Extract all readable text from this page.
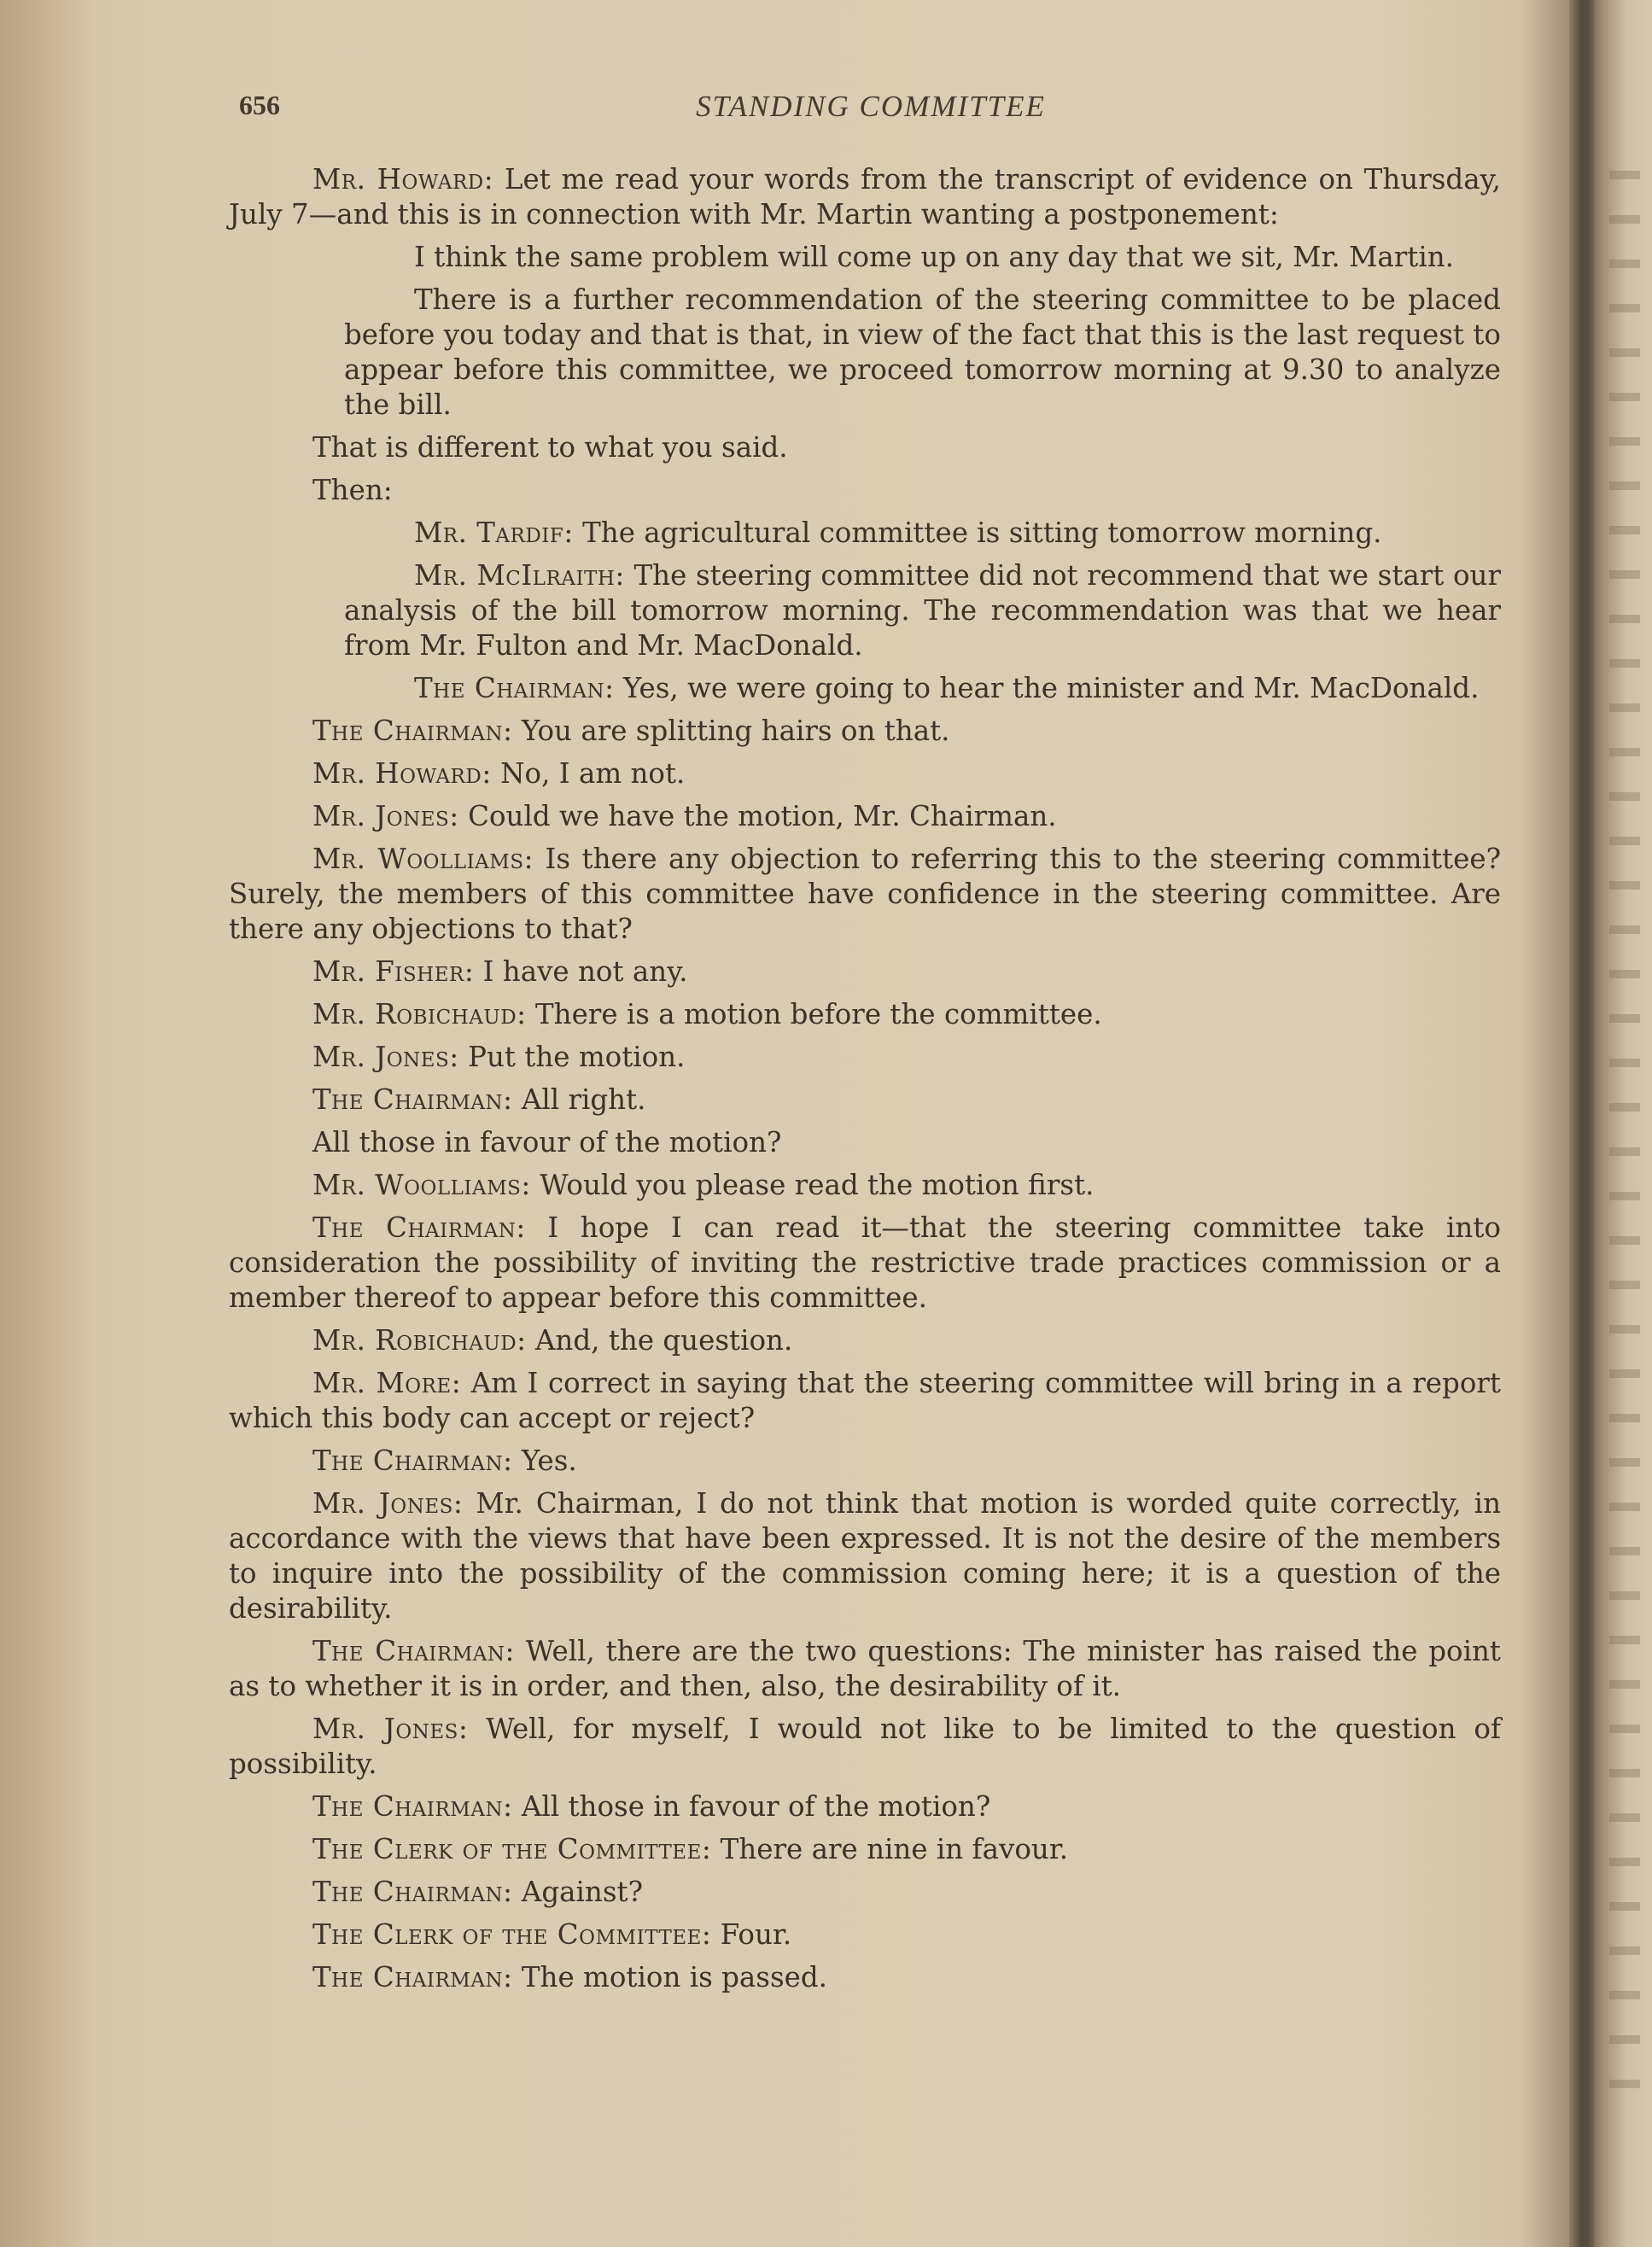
656	STANDING COMMITTEE

Mr. Howard: Let me read your words from the transcript of evidence on Thursday, July 7—and this is in connection with Mr. Martin wanting a postponement:

I think the same problem will come up on any day that we sit, Mr. Martin.

There is a further recommendation of the steering committee to be placed before you today and that is that, in view of the fact that this is the last request to appear before this committee, we proceed tomorrow morning at 9.30 to analyze the bill.

That is different to what you said.

Then:

Mr. Tardif: The agricultural committee is sitting tomorrow morning.

Mr. McIlraith: The steering committee did not recommend that we start our analysis of the bill tomorrow morning. The recommendation was that we hear from Mr. Fulton and Mr. MacDonald.

The Chairman: Yes, we were going to hear the minister and Mr. MacDonald.

The Chairman: You are splitting hairs on that.

Mr. Howard: No, I am not.

Mr. Jones: Could we have the motion, Mr. Chairman.

Mr. Woolliams: Is there any objection to referring this to the steering committee? Surely, the members of this committee have confidence in the steering committee. Are there any objections to that?

Mr. Fisher: I have not any.

Mr. Robichaud: There is a motion before the committee.

Mr. Jones: Put the motion.

The Chairman: All right.

All those in favour of the motion?

Mr. Woolliams: Would you please read the motion first.

The Chairman: I hope I can read it—that the steering committee take into consideration the possibility of inviting the restrictive trade practices commission or a member thereof to appear before this committee.

Mr. Robichaud: And, the question.

Mr. More: Am I correct in saying that the steering committee will bring in a report which this body can accept or reject?

The Chairman: Yes.

Mr. Jones: Mr. Chairman, I do not think that motion is worded quite correctly, in accordance with the views that have been expressed. It is not the desire of the members to inquire into the possibility of the commission coming here; it is a question of the desirability.

The Chairman: Well, there are the two questions: The minister has raised the point as to whether it is in order, and then, also, the desirability of it.

Mr. Jones: Well, for myself, I would not like to be limited to the question of possibility.

The Chairman: All those in favour of the motion?

The Clerk of the Committee: There are nine in favour.

The Chairman: Against?

The Clerk of the Committee: Four.

The Chairman: The motion is passed.
